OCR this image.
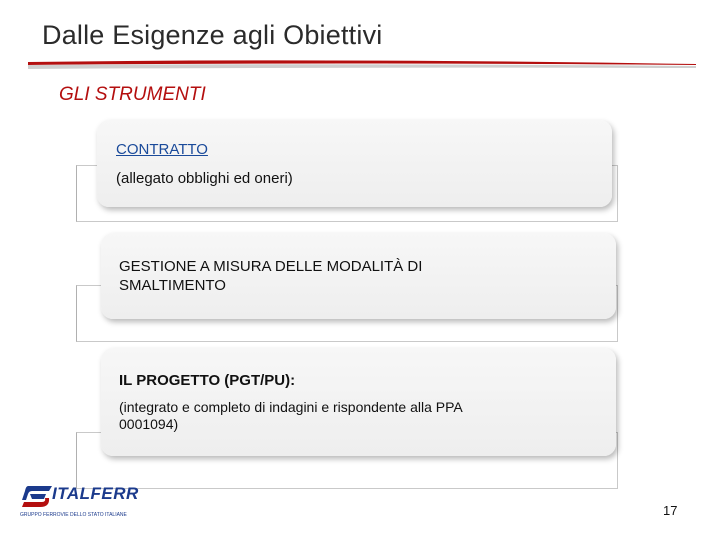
Dalle Esigenze agli Obiettivi
GLI STRUMENTI
CONTRATTO
(allegato obblighi ed oneri)
GESTIONE A MISURA DELLE MODALITÀ DI
SMALTIMENTO
IL PROGETTO (PGT/PU):
(integrato e completo di indagini e rispondente alla PPA
0001094)
ITALFERR
GRUPPO FERROVIE DELLO STATO ITALIANE	17
